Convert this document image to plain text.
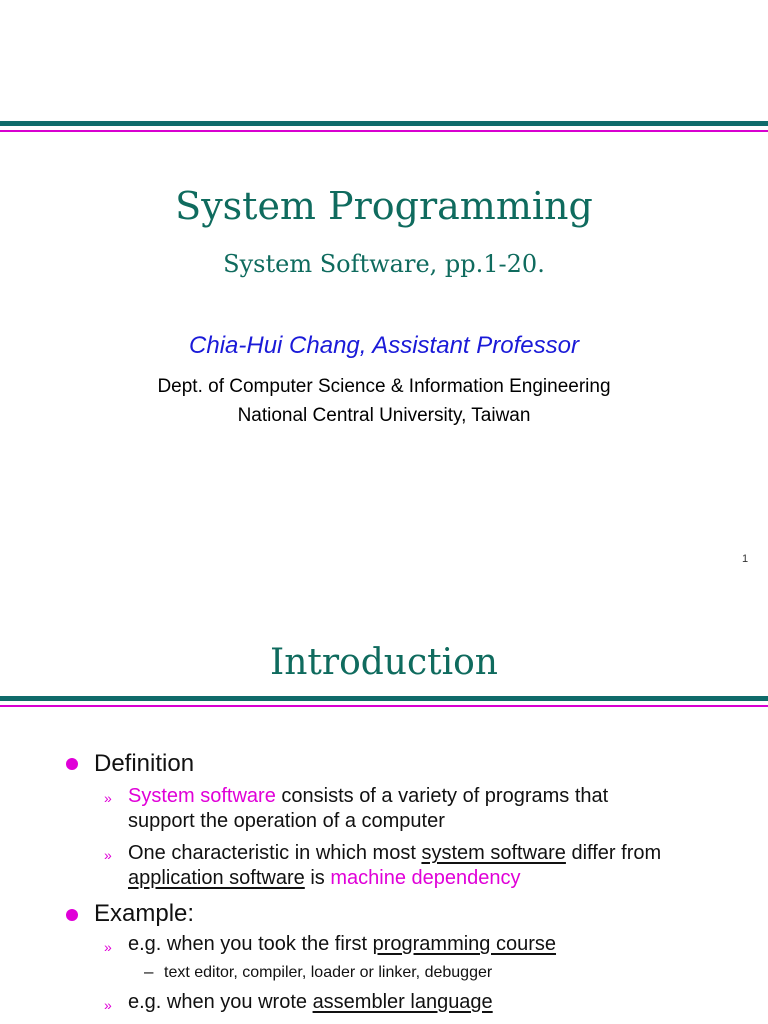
System Programming
System Software, pp.1-20.
Chia-Hui Chang, Assistant Professor
Dept. of Computer Science & Information Engineering
National Central University, Taiwan
1
Introduction
Definition
» System software consists of a variety of programs that
support the operation of a computer
» One characteristic in which most system software differ from
application software is machine dependency
Example:
» e.g. when you took the first programming course
– text editor, compiler, loader or linker, debugger
» e.g. when you wrote assembler language
